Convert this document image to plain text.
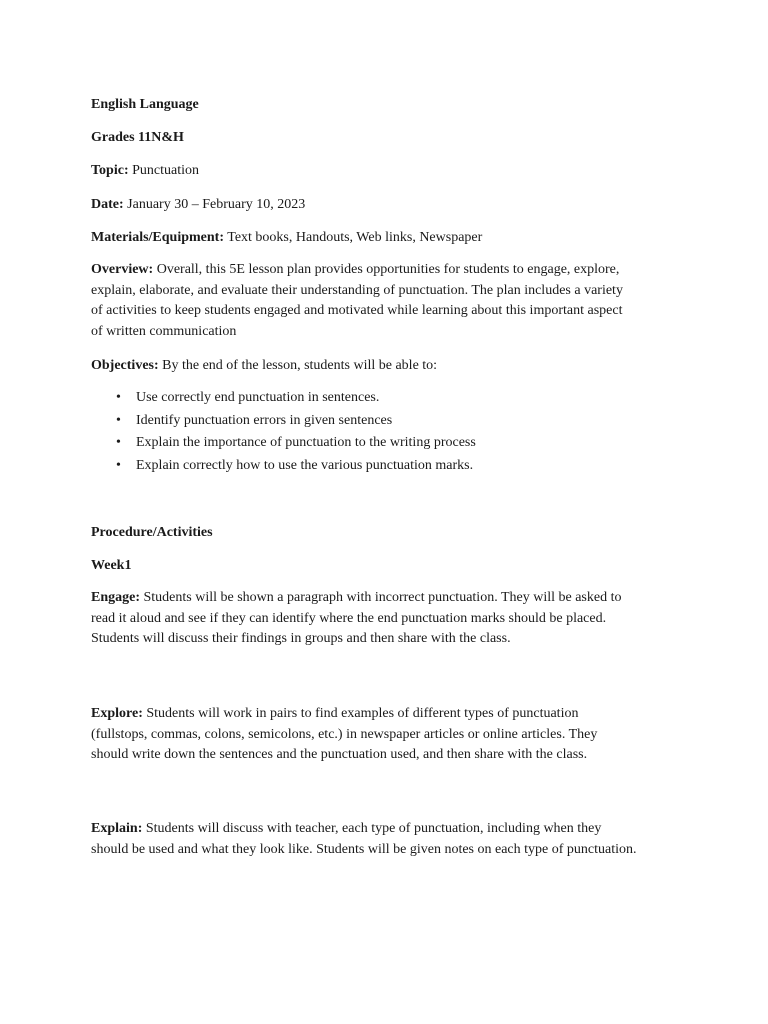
English Language
Grades 11N&H
Topic: Punctuation
Date: January 30 – February 10, 2023
Materials/Equipment: Text books, Handouts, Web links, Newspaper
Overview: Overall, this 5E lesson plan provides opportunities for students to engage, explore,
explain, elaborate, and evaluate their understanding of punctuation. The plan includes a variety
of activities to keep students engaged and motivated while learning about this important aspect
of written communication
Objectives: By the end of the lesson, students will be able to:
• Use correctly end punctuation in sentences.
• Identify punctuation errors in given sentences
• Explain the importance of punctuation to the writing process
• Explain correctly how to use the various punctuation marks.
Procedure/Activities
Week1
Engage: Students will be shown a paragraph with incorrect punctuation. They will be asked to
read it aloud and see if they can identify where the end punctuation marks should be placed.
Students will discuss their findings in groups and then share with the class.
Explore: Students will work in pairs to find examples of different types of punctuation
(fullstops, commas, colons, semicolons, etc.) in newspaper articles or online articles. They
should write down the sentences and the punctuation used, and then share with the class.
Explain: Students will discuss with teacher, each type of punctuation, including when they
should be used and what they look like. Students will be given notes on each type of punctuation.
